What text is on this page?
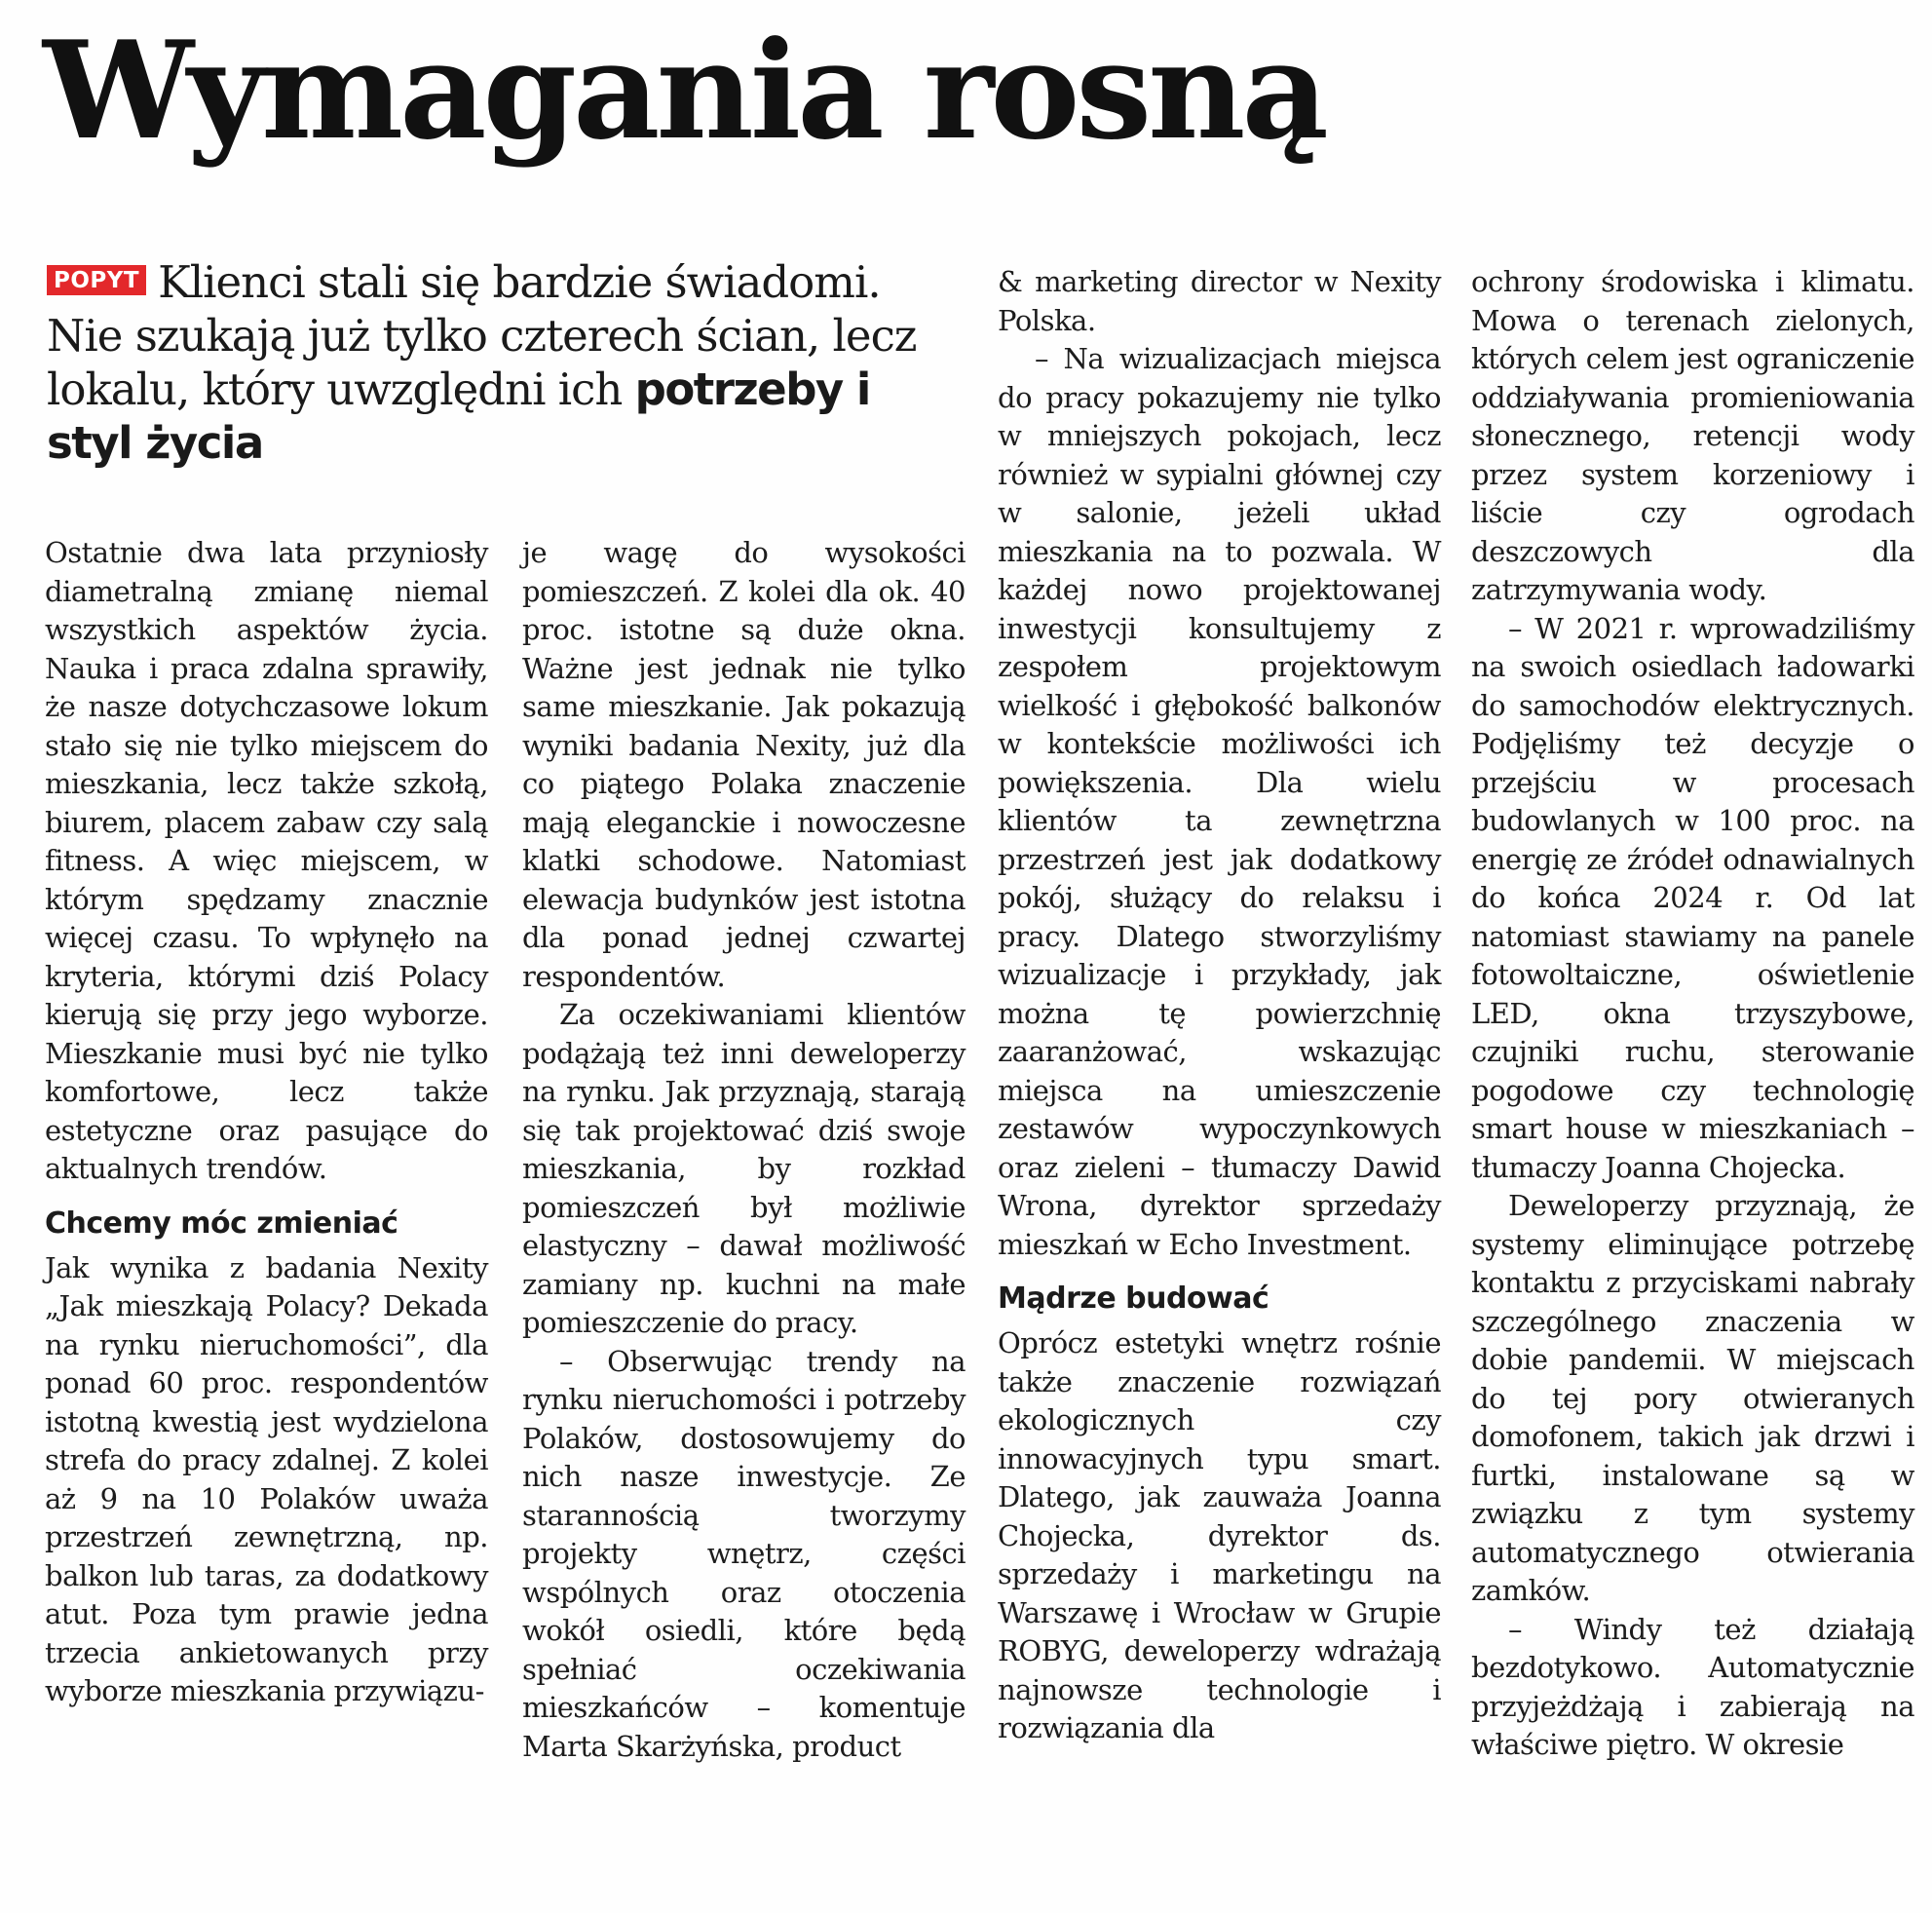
Wymagania rosną
POPYT Klienci stali się bardzie świadomi. Nie szukają już tylko czterech ścian, lecz lokalu, który uwzględni ich potrzeby i styl życia

Ostatnie dwa lata przyniosły diametralną zmianę niemal wszystkich aspektów życia. Nauka i praca zdalna sprawiły, że nasze dotychczasowe lokum stało się nie tylko miejscem do mieszkania, lecz także szkołą, biurem, placem zabaw czy salą fitness. A więc miejscem, w którym spędzamy znacznie więcej czasu. To wpłynęło na kryteria, którymi dziś Polacy kierują się przy jego wyborze. Mieszkanie musi być nie tylko komfortowe, lecz także estetyczne oraz pasujące do aktualnych trendów.

Chcemy móc zmieniać

Jak wynika z badania Nexity „Jak mieszkają Polacy? Dekada na rynku nieruchomości”, dla ponad 60 proc. respondentów istotną kwestią jest wydzielona strefa do pracy zdalnej. Z kolei aż 9 na 10 Polaków uważa przestrzeń zewnętrzną, np. balkon lub taras, za dodatkowy atut. Poza tym prawie jedna trzecia ankietowanych przy wyborze mieszkania przywiązu-

je wagę do wysokości pomieszczeń. Z kolei dla ok. 40 proc. istotne są duże okna. Ważne jest jednak nie tylko same mieszkanie. Jak pokazują wyniki badania Nexity, już dla co piątego Polaka znaczenie mają eleganckie i nowoczesne klatki schodowe. Natomiast elewacja budynków jest istotna dla ponad jednej czwartej respondentów.

Za oczekiwaniami klientów podążają też inni deweloperzy na rynku. Jak przyznają, starają się tak projektować dziś swoje mieszkania, by rozkład pomieszczeń był możliwie elastyczny – dawał możliwość zamiany np. kuchni na małe pomieszczenie do pracy.

– Obserwując trendy na rynku nieruchomości i potrzeby Polaków, dostosowujemy do nich nasze inwestycje. Ze starannością tworzymy projekty wnętrz, części wspólnych oraz otoczenia wokół osiedli, które będą spełniać oczekiwania mieszkańców – komentuje Marta Skarżyńska, product

& marketing director w Nexity Polska.

– Na wizualizacjach miejsca do pracy pokazujemy nie tylko w mniejszych pokojach, lecz również w sypialni głównej czy w salonie, jeżeli układ mieszkania na to pozwala. W każdej nowo projektowanej inwestycji konsultujemy z zespołem projektowym wielkość i głębokość balkonów w kontekście możliwości ich powiększenia. Dla wielu klientów ta zewnętrzna przestrzeń jest jak dodatkowy pokój, służący do relaksu i pracy. Dlatego stworzyliśmy wizualizacje i przykłady, jak można tę powierzchnię zaaranżować, wskazując miejsca na umieszczenie zestawów wypoczynkowych oraz zieleni – tłumaczy Dawid Wrona, dyrektor sprzedaży mieszkań w Echo Investment.

Mądrze budować

Oprócz estetyki wnętrz rośnie także znaczenie rozwiązań ekologicznych czy innowacyjnych typu smart. Dlatego, jak zauważa Joanna Chojecka, dyrektor ds. sprzedaży i marketingu na Warszawę i Wrocław w Grupie ROBYG, deweloperzy wdrażają najnowsze technologie i rozwiązania dla

ochrony środowiska i klimatu. Mowa o terenach zielonych, których celem jest ograniczenie oddziaływania promieniowania słonecznego, retencji wody przez system korzeniowy i liście czy ogrodach deszczowych dla zatrzymywania wody.

– W 2021 r. wprowadziliśmy na swoich osiedlach ładowarki do samochodów elektrycznych. Podjęliśmy też decyzje o przejściu w procesach budowlanych w 100 proc. na energię ze źródeł odnawialnych do końca 2024 r. Od lat natomiast stawiamy na panele fotowoltaiczne, oświetlenie LED, okna trzyszybowe, czujniki ruchu, sterowanie pogodowe czy technologię smart house w mieszkaniach – tłumaczy Joanna Chojecka.

Deweloperzy przyznają, że systemy eliminujące potrzebę kontaktu z przyciskami nabrały szczególnego znaczenia w dobie pandemii. W miejscach do tej pory otwieranych domofonem, takich jak drzwi i furtki, instalowane są w związku z tym systemy automatycznego otwierania zamków.

– Windy też działają bezdotykowo. Automatycznie przyjeżdżają i zabierają na właściwe piętro. W okresie
